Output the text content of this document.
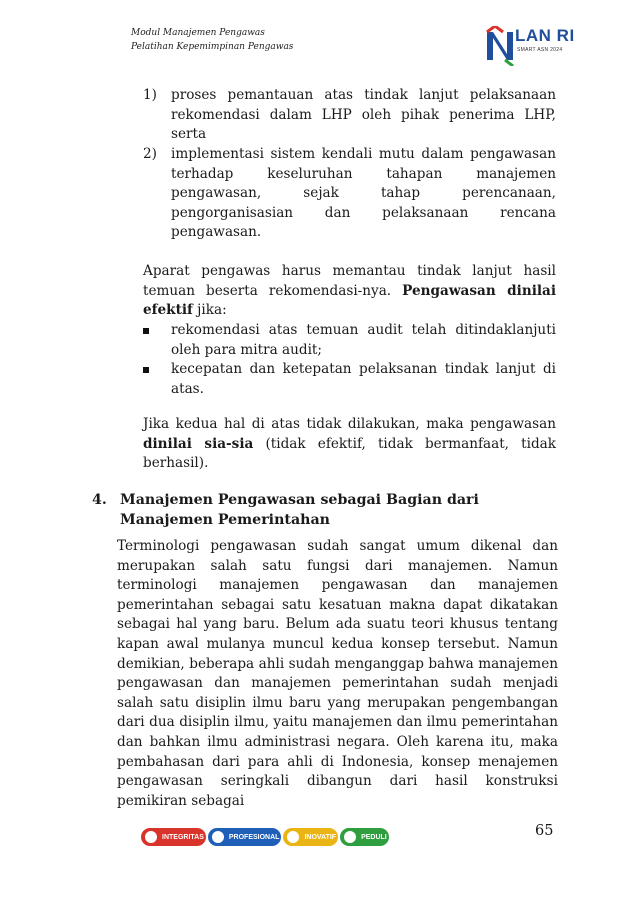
Modul Manajemen Pengawas
Pelatihan Kepemimpinan Pengawas
LAN RI
SMART ASN 2024
1)	proses pemantauan atas tindak lanjut pelaksanaan rekomendasi dalam LHP oleh pihak penerima LHP, serta
2)	implementasi sistem kendali mutu dalam pengawasan terhadap keseluruhan tahapan manajemen pengawasan, sejak tahap perencanaan, pengorganisasian dan pelaksanaan rencana pengawasan.
Aparat pengawas harus memantau tindak lanjut hasil temuan beserta rekomendasi-nya. Pengawasan dinilai efektif jika:
rekomendasi atas temuan audit telah ditindaklanjuti oleh para mitra audit;
kecepatan dan ketepatan pelaksanan tindak lanjut di atas.
Jika kedua hal di atas tidak dilakukan, maka pengawasan dinilai sia-sia (tidak efektif, tidak bermanfaat, tidak berhasil).
4. Manajemen Pengawasan sebagai Bagian dari Manajemen Pemerintahan
Terminologi pengawasan sudah sangat umum dikenal dan merupakan salah satu fungsi dari manajemen. Namun terminologi manajemen pengawasan dan manajemen pemerintahan sebagai satu kesatuan makna dapat dikatakan sebagai hal yang baru. Belum ada suatu teori khusus tentang kapan awal mulanya muncul kedua konsep tersebut. Namun demikian, beberapa ahli sudah menganggap bahwa manajemen pengawasan dan manajemen pemerintahan sudah menjadi salah satu disiplin ilmu baru yang merupakan pengembangan dari dua disiplin ilmu, yaitu manajemen dan ilmu pemerintahan dan bahkan ilmu administrasi negara. Oleh karena itu, maka pembahasan dari para ahli di Indonesia, konsep menajemen pengawasan seringkali dibangun dari hasil konstruksi pemikiran sebagai
INTEGRITAS	PROFESIONAL	INOVATIF	PEDULI	65
